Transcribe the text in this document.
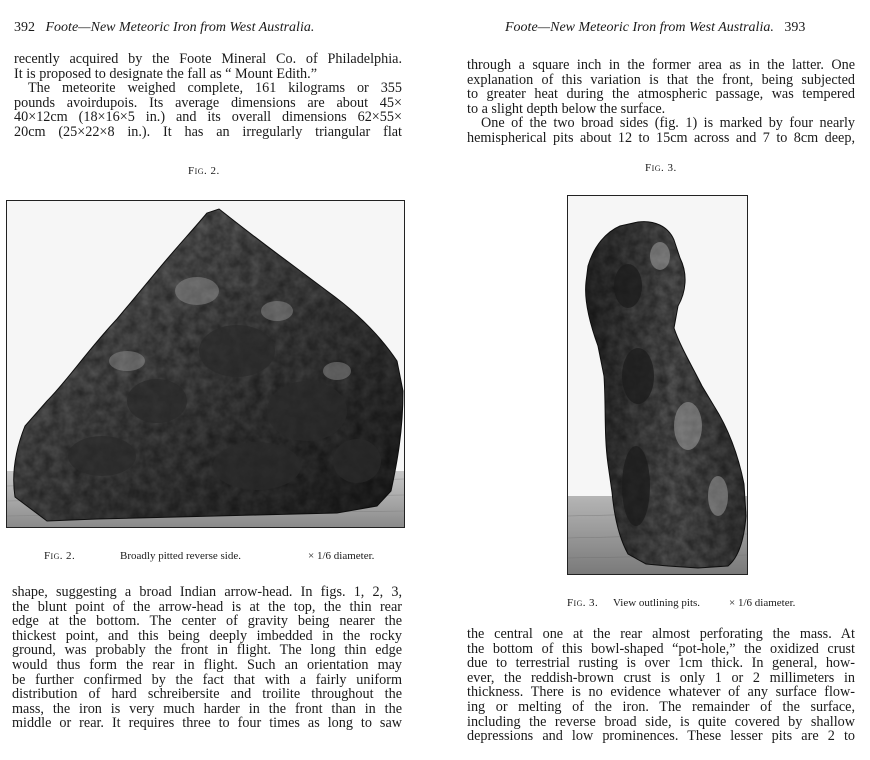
392 Foote—New Meteoric Iron from West Australia.
recently acquired by the Foote Mineral Co. of Philadelphia.
It is proposed to designate the fall as “ Mount Edith.”
The meteorite weighed complete, 161 kilograms or 355
pounds avoirdupois. Its average dimensions are about 45×
40×12cm (18×16×5 in.) and its overall dimensions 62×55×
20cm (25×22×8 in.). It has an irregularly triangular flat
Fig. 2.
Fig. 2.	Broadly pitted reverse side.	× 1/6 diameter.
shape, suggesting a broad Indian arrow-head. In figs. 1, 2, 3,
the blunt point of the arrow-head is at the top, the thin rear
edge at the bottom. The center of gravity being nearer the
thickest point, and this being deeply imbedded in the rocky
ground, was probably the front in flight. The long thin edge
would thus form the rear in flight. Such an orientation may
be further confirmed by the fact that with a fairly uniform
distribution of hard schreibersite and troilite throughout the
mass, the iron is very much harder in the front than in the
middle or rear. It requires three to four times as long to saw
Foote—New Meteoric Iron from West Australia. 393
through a square inch in the former area as in the latter. One
explanation of this variation is that the front, being subjected
to greater heat during the atmospheric passage, was tempered
to a slight depth below the surface.
One of the two broad sides (fig. 1) is marked by four nearly
hemispherical pits about 12 to 15cm across and 7 to 8cm deep,
Fig. 3.
Fig. 3. View outlining pits.	× 1/6 diameter.
the central one at the rear almost perforating the mass. At
the bottom of this bowl-shaped “pot-hole,” the oxidized crust
due to terrestrial rusting is over 1cm thick. In general, how-
ever, the reddish-brown crust is only 1 or 2 millimeters in
thickness. There is no evidence whatever of any surface flow-
ing or melting of the iron. The remainder of the surface,
including the reverse broad side, is quite covered by shallow
depressions and low prominences. These lesser pits are 2 to
